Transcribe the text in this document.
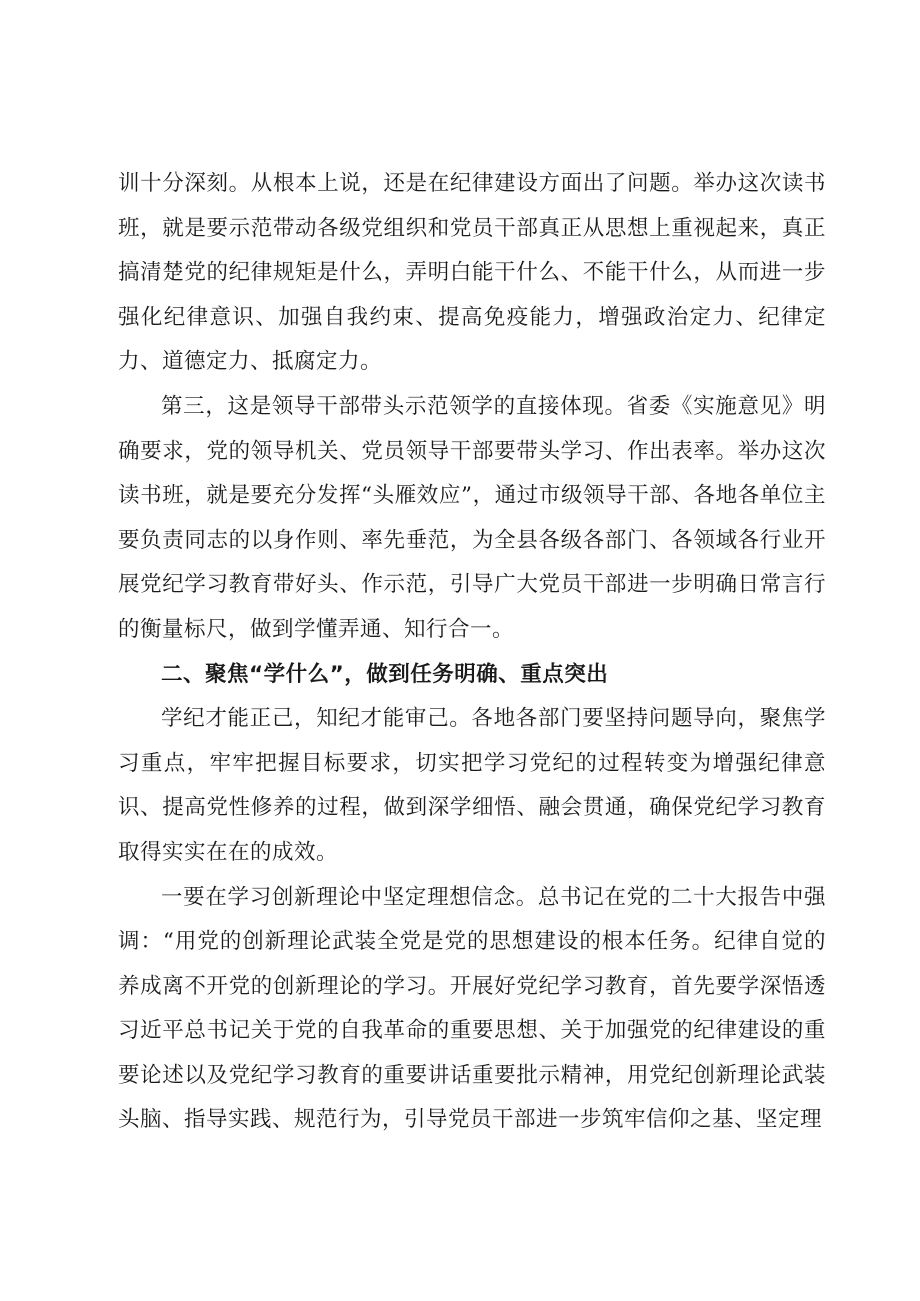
训十分深刻。从根本上说，还是在纪律建设方面出了问题。举办这次读书班，就是要示范带动各级党组织和党员干部真正从思想上重视起来，真正搞清楚党的纪律规矩是什么，弄明白能干什么、不能干什么，从而进一步强化纪律意识、加强自我约束、提高免疫能力，增强政治定力、纪律定力、道德定力、抵腐定力。

第三，这是领导干部带头示范领学的直接体现。省委《实施意见》明确要求，党的领导机关、党员领导干部要带头学习、作出表率。举办这次读书班，就是要充分发挥“头雁效应”，通过市级领导干部、各地各单位主要负责同志的以身作则、率先垂范，为全县各级各部门、各领域各行业开展党纪学习教育带好头、作示范，引导广大党员干部进一步明确日常言行的衡量标尺，做到学懂弄通、知行合一。

二、聚焦“学什么”，做到任务明确、重点突出

学纪才能正己，知纪才能审己。各地各部门要坚持问题导向，聚焦学习重点，牢牢把握目标要求，切实把学习党纪的过程转变为增强纪律意识、提高党性修养的过程，做到深学细悟、融会贯通，确保党纪学习教育取得实实在在的成效。

一要在学习创新理论中坚定理想信念。总书记在党的二十大报告中强调：“用党的创新理论武装全党是党的思想建设的根本任务。纪律自觉的养成离不开党的创新理论的学习。开展好党纪学习教育，首先要学深悟透习近平总书记关于党的自我革命的重要思想、关于加强党的纪律建设的重要论述以及党纪学习教育的重要讲话重要批示精神，用党纪创新理论武装头脑、指导实践、规范行为，引导党员干部进一步筑牢信仰之基、坚定理
